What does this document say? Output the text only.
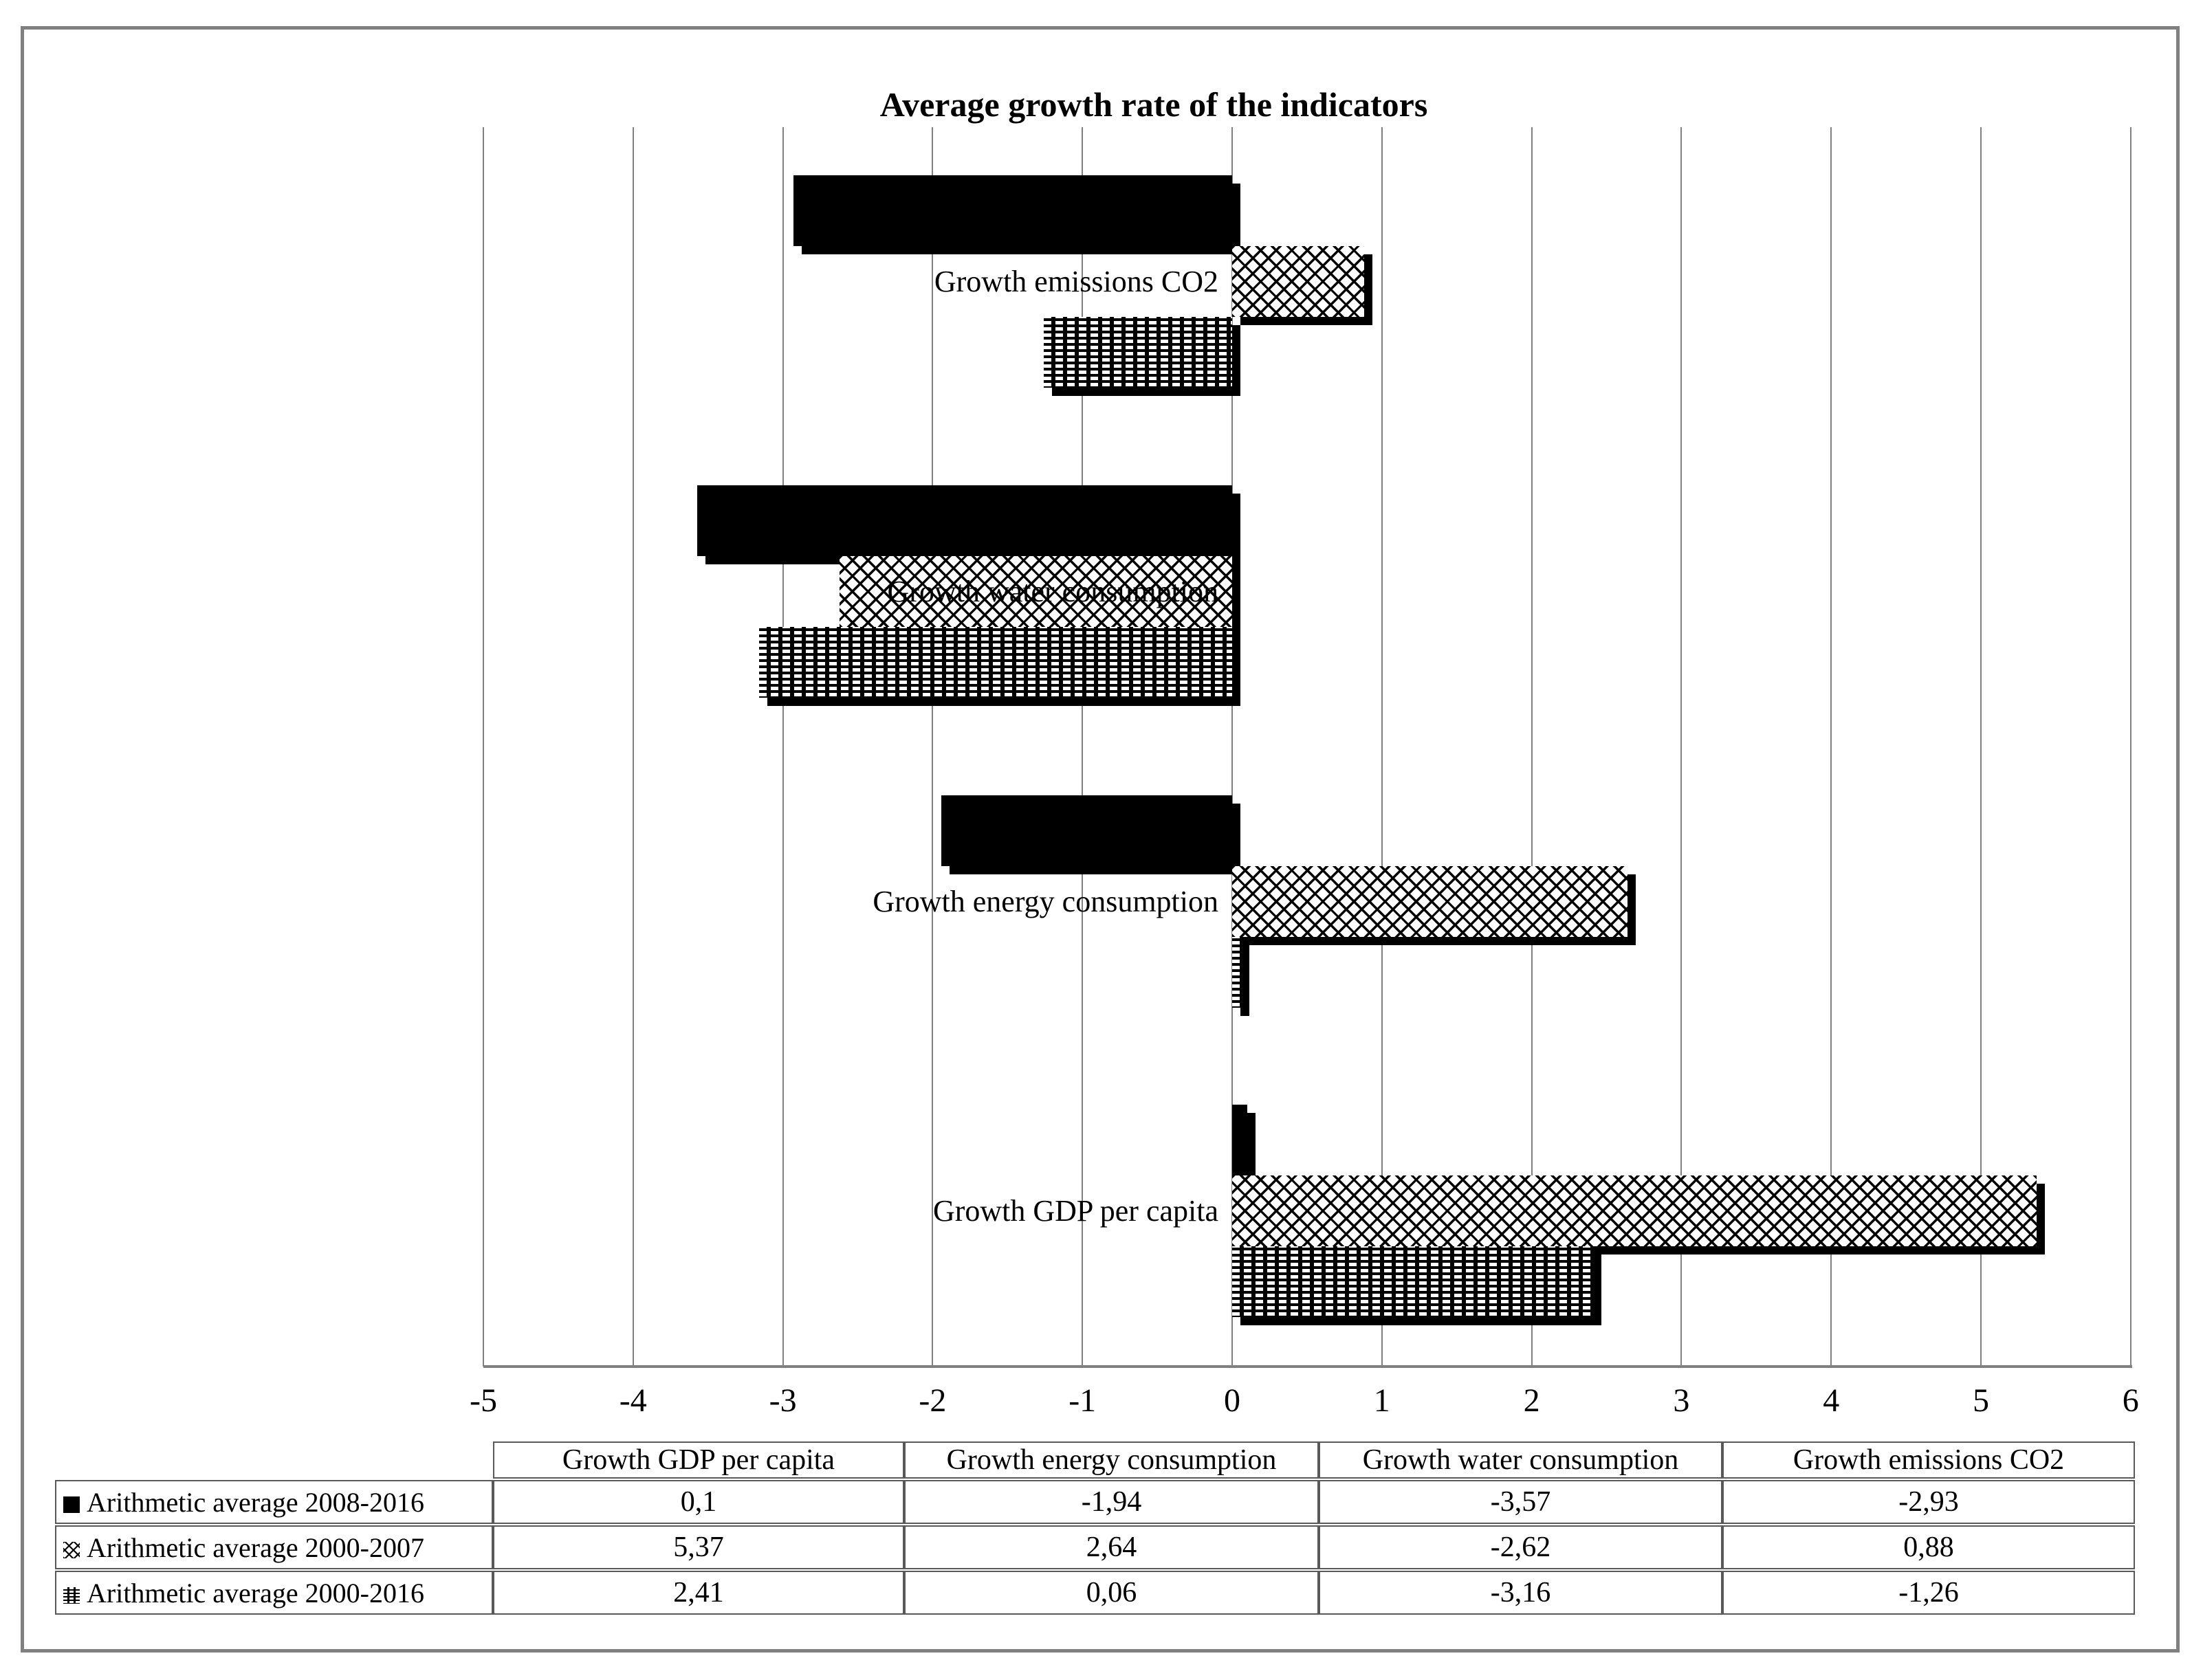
Average growth rate of the indicators
-5	-4	-3	-2	-1	0	1	2	3	4	5	6
Growth emissions CO2
Growth water consumption
Growth energy consumption
Growth GDP per capita
	Growth GDP per capita	Growth energy consumption	Growth water consumption	Growth emissions CO2
Arithmetic average 2008-2016	0,1	-1,94	-3,57	-2,93
Arithmetic average 2000-2007	5,37	2,64	-2,62	0,88
Arithmetic average 2000-2016	2,41	0,06	-3,16	-1,26
